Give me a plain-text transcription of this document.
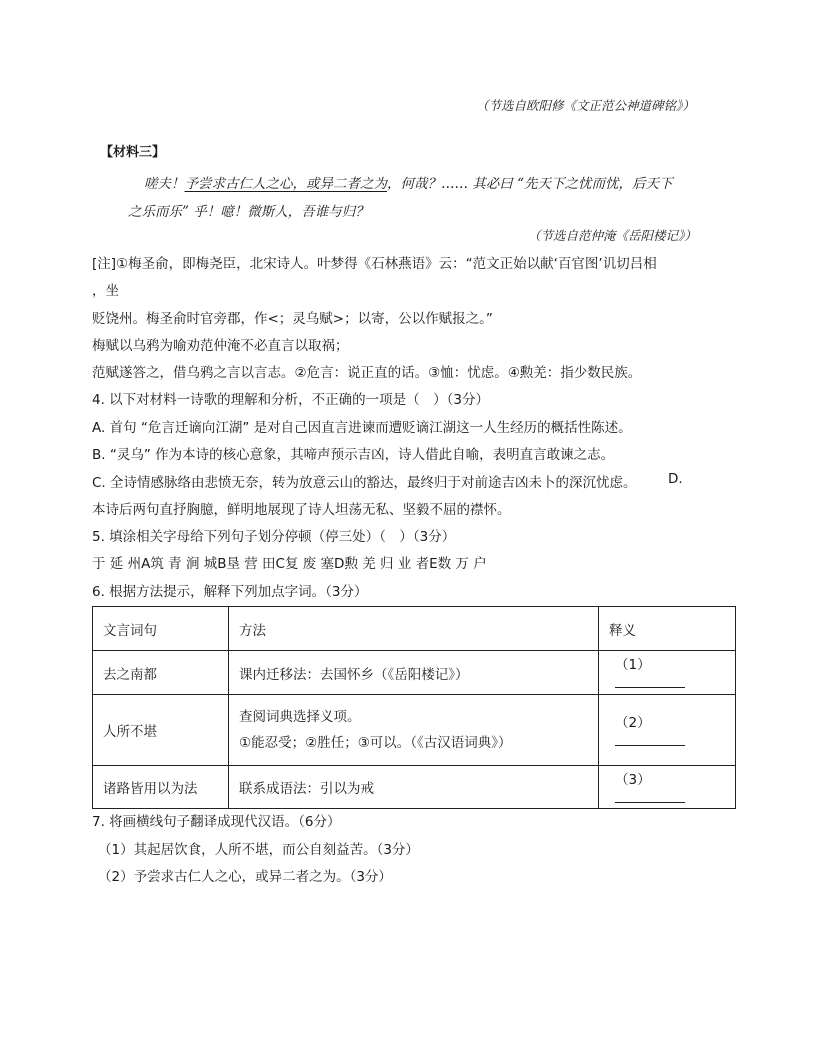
（节选自欧阳修《文正范公神道碑铭》）
【材料三】
嗟夫！予尝求古仁人之心，或异二者之为，何哉？…… 其必曰 “先天下之忧而忧，后天下
之乐而乐” 乎！噫！微斯人，吾谁与归？
（节选自范仲淹《岳阳楼记》）
[注]①梅圣俞，即梅尧臣，北宋诗人。叶梦得《石林燕语》云：“范文正始以献‘百官图’讥切吕相
，坐
贬饶州。梅圣俞时官旁郡，作<；灵乌赋>；以寄，公以作赋报之。”
梅赋以乌鸦为喻劝范仲淹不必直言以取祸；
范赋遂答之，借乌鸦之言以言志。②危言：说正直的话。③恤：忧虑。④勲羌：指少数民族。
4. 以下对材料一诗歌的理解和分析，不正确的一项是（　）（3分）
A. 首句 “危言迁谪向江湖” 是对自己因直言进谏而遭贬谪江湖这一人生经历的概括性陈述。
B. “灵乌” 作为本诗的核心意象，其啼声预示吉凶，诗人借此自喻，表明直言敢谏之志。
C. 全诗情感脉络由悲愤无奈，转为放意云山的豁达，最终归于对前途吉凶未卜的深沉忧虑。 D.
本诗后两句直抒胸臆，鲜明地展现了诗人坦荡无私、坚毅不屈的襟怀。
5. 填涂相关字母给下列句子划分停顿（停三处）（　）（3分）
于 延 州A筑 青 涧 城B垦 营 田C复 废 塞D勲 羌 归 业 者E数 万 户
6. 根据方法提示，解释下列加点字词。（3分）
文言词句	方法	释义
去之南都	课内迁移法：去国怀乡（《岳阳楼记》）	（1）
人所不堪	查阅词典选择义项。
①能忍受；②胜任；③可以。（《古汉语词典》）	（2）
诸路皆用以为法	联系成语法：引以为戒	（3）
7. 将画横线句子翻译成现代汉语。（6分）
（1）其起居饮食，人所不堪，而公自刻益苦。（3分）
（2）予尝求古仁人之心，或异二者之为。（3分）
